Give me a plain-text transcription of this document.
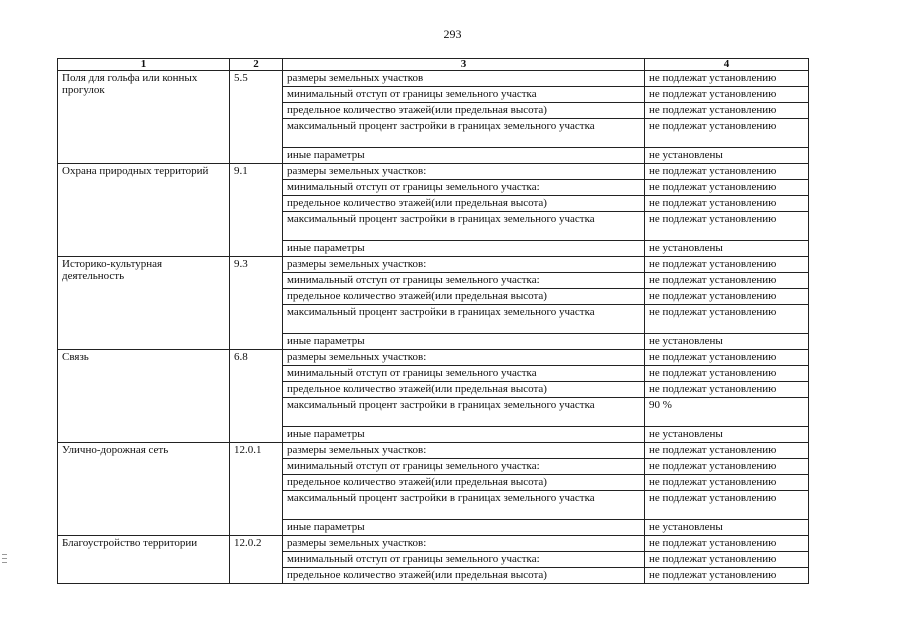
293
1	2	3	4
Поля для гольфа или конных прогулок	5.5	размеры земельных участков	не подлежат установлению
		минимальный отступ от границы земельного участка	не подлежат установлению
		предельное количество этажей(или предельная высота)	не подлежат установлению
		максимальный процент застройки в границах земельного участка	не подлежат установлению
		иные параметры	не установлены
Охрана природных территорий	9.1	размеры земельных участков:	не подлежат установлению
		минимальный отступ от границы земельного участка:	не подлежат установлению
		предельное количество этажей(или предельная высота)	не подлежат установлению
		максимальный процент застройки в границах земельного участка	не подлежат установлению
		иные параметры	не установлены
Историко-культурная деятельность	9.3	размеры земельных участков:	не подлежат установлению
		минимальный отступ от границы земельного участка:	не подлежат установлению
		предельное количество этажей(или предельная высота)	не подлежат установлению
		максимальный процент застройки в границах земельного участка	не подлежат установлению
		иные параметры	не установлены
Связь	6.8	размеры земельных участков:	не подлежат установлению
		минимальный отступ от границы земельного участка	не подлежат установлению
		предельное количество этажей(или предельная высота)	не подлежат установлению
		максимальный процент застройки в границах земельного участка	90 %
		иные параметры	не установлены
Улично-дорожная сеть	12.0.1	размеры земельных участков:	не подлежат установлению
		минимальный отступ от границы земельного участка:	не подлежат установлению
		предельное количество этажей(или предельная высота)	не подлежат установлению
		максимальный процент застройки в границах земельного участка	не подлежат установлению
		иные параметры	не установлены
Благоустройство территории	12.0.2	размеры земельных участков:	не подлежат установлению
		минимальный отступ от границы земельного участка:	не подлежат установлению
		предельное количество этажей(или предельная высота)	не подлежат установлению
